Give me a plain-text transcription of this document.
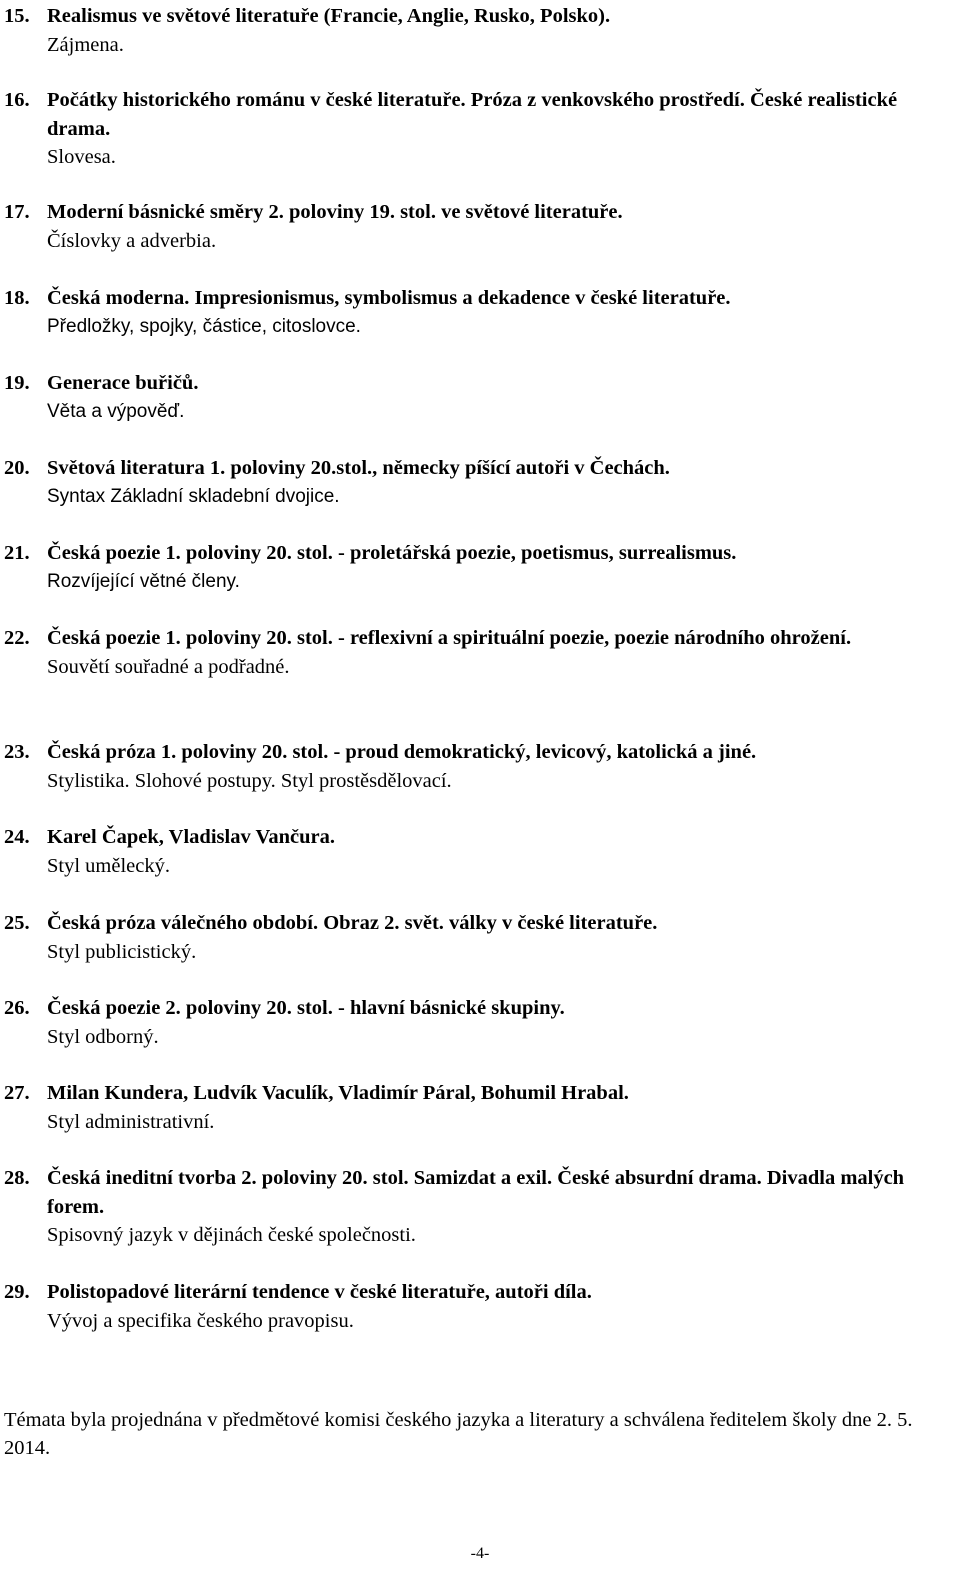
15. Realismus ve světové literatuře (Francie, Anglie, Rusko, Polsko).
Zájmena.
16. Počátky historického románu v české literatuře. Próza z venkovského prostředí. České realistické drama.
Slovesa.
17. Moderní básnické směry 2. poloviny 19. stol. ve světové literatuře.
Číslovky a adverbia.
18. Česká moderna. Impresionismus, symbolismus a dekadence v české literatuře.
Předložky, spojky, částice, citoslovce.
19. Generace buřičů.
Věta a výpověď.
20. Světová literatura 1. poloviny 20.stol., německy píšící autoři v Čechách.
Syntax Základní skladební dvojice.
21. Česká poezie 1. poloviny 20. stol. - proletářská poezie, poetismus, surrealismus.
Rozvíjející větné členy.
22. Česká poezie 1. poloviny 20. stol. - reflexivní a spirituální poezie, poezie národního ohrožení.
Souvětí souřadné a podřadné.
23. Česká próza 1. poloviny 20. stol. - proud demokratický, levicový, katolická a jiné.
Stylistika. Slohové postupy. Styl prostěsdělovací.
24. Karel Čapek, Vladislav Vančura.
Styl umělecký.
25. Česká próza válečného období. Obraz 2. svět. války v české literatuře.
Styl publicistický.
26. Česká poezie 2. poloviny 20. stol. - hlavní básnické skupiny.
Styl odborný.
27. Milan Kundera, Ludvík Vaculík, Vladimír Páral, Bohumil Hrabal.
Styl administrativní.
28. Česká ineditní tvorba 2. poloviny 20. stol. Samizdat a exil. České absurdní drama. Divadla malých forem.
Spisovný jazyk v dějinách české společnosti.
29. Polistopadové literární tendence v české literatuře, autoři díla.
Vývoj a specifika českého pravopisu.
Témata byla projednána v předmětové komisi českého jazyka a literatury a schválena ředitelem školy dne 2. 5. 2014.
-4-
